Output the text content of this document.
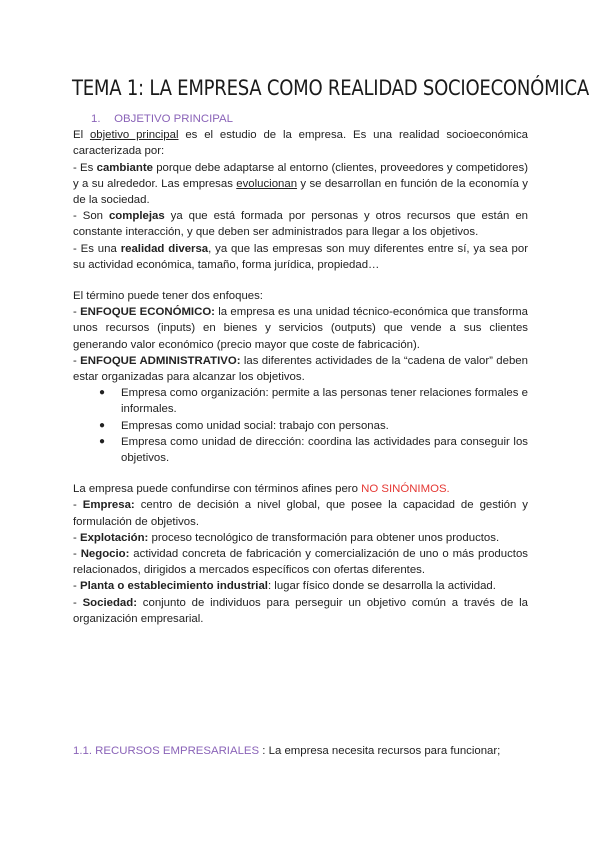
TEMA 1: LA EMPRESA COMO REALIDAD SOCIOECONÓMICA

1. OBJETIVO PRINCIPAL

El objetivo principal es el estudio de la empresa. Es una realidad socioeconómica caracterizada por:

- Es cambiante porque debe adaptarse al entorno (clientes, proveedores y competidores) y a su alrededor. Las empresas evolucionan y se desarrollan en función de la economía y de la sociedad.

- Son complejas ya que está formada por personas y otros recursos que están en constante interacción, y que deben ser administrados para llegar a los objetivos.

- Es una realidad diversa, ya que las empresas son muy diferentes entre sí, ya sea por su actividad económica, tamaño, forma jurídica, propiedad…

El término puede tener dos enfoques:

- ENFOQUE ECONÓMICO: la empresa es una unidad técnico-económica que transforma unos recursos (inputs) en bienes y servicios (outputs) que vende a sus clientes generando valor económico (precio mayor que coste de fabricación).

- ENFOQUE ADMINISTRATIVO: las diferentes actividades de la “cadena de valor” deben estar organizadas para alcanzar los objetivos.

● Empresa como organización: permite a las personas tener relaciones formales e informales.
● Empresas como unidad social: trabajo con personas.
● Empresa como unidad de dirección: coordina las actividades para conseguir los objetivos.

La empresa puede confundirse con términos afines pero NO SINÓNIMOS.

- Empresa: centro de decisión a nivel global, que posee la capacidad de gestión y formulación de objetivos.

- Explotación: proceso tecnológico de transformación para obtener unos productos.

- Negocio: actividad concreta de fabricación y comercialización de uno o más productos relacionados, dirigidos a mercados específicos con ofertas diferentes.

- Planta o establecimiento industrial: lugar físico donde se desarrolla la actividad.

- Sociedad: conjunto de individuos para perseguir un objetivo común a través de la organización empresarial.

1.1. RECURSOS EMPRESARIALES : La empresa necesita recursos para funcionar;
